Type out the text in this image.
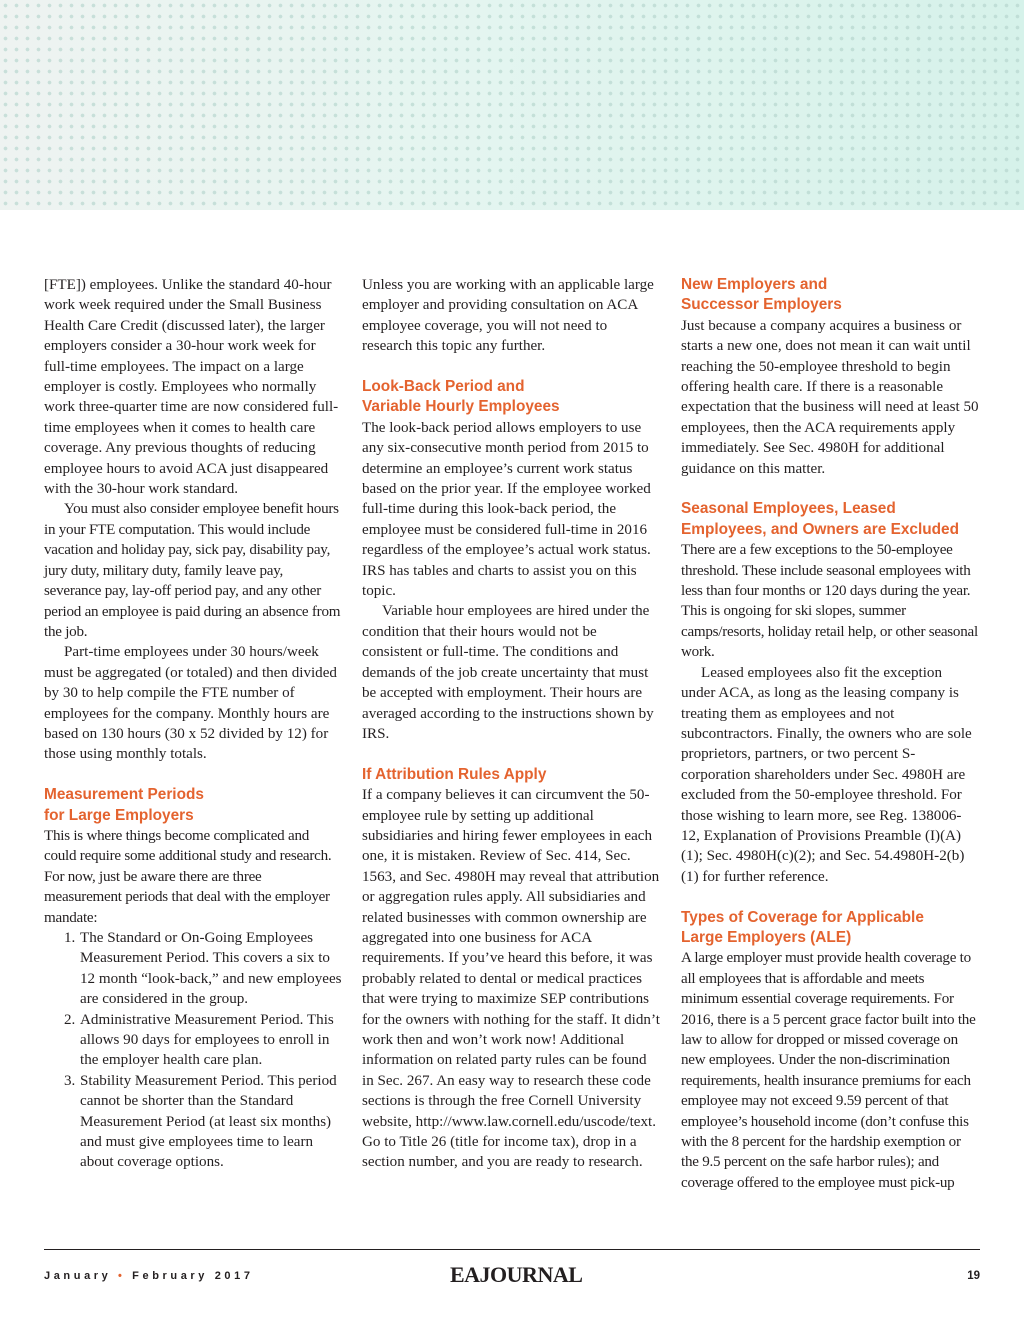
[FTE]) employees. Unlike the standard 40-hour work week required under the Small Business Health Care Credit (discussed later), the larger employers consider a 30-hour work week for full-time employees. The impact on a large employer is costly. Employees who normally work three-quarter time are now considered full-time employees when it comes to health care coverage. Any previous thoughts of reducing employee hours to avoid ACA just disappeared with the 30-hour work standard.

You must also consider employee benefit hours in your FTE computation. This would include vacation and holiday pay, sick pay, disability pay, jury duty, military duty, family leave pay, severance pay, lay-off period pay, and any other period an employee is paid during an absence from the job.

Part-time employees under 30 hours/week must be aggregated (or totaled) and then divided by 30 to help compile the FTE number of employees for the company. Monthly hours are based on 130 hours (30 x 52 divided by 12) for those using monthly totals.

Measurement Periods
for Large Employers

This is where things become complicated and could require some additional study and research. For now, just be aware there are three measurement periods that deal with the employer mandate:

1. The Standard or On-Going Employees Measurement Period. This covers a six to 12 month “look-back,” and new employees are considered in the group.
2. Administrative Measurement Period. This allows 90 days for employees to enroll in the employer health care plan.
3. Stability Measurement Period. This period cannot be shorter than the Standard Measurement Period (at least six months) and must give employees time to learn about coverage options.

Unless you are working with an applicable large employer and providing consultation on ACA employee coverage, you will not need to research this topic any further.

Look-Back Period and
Variable Hourly Employees

The look-back period allows employers to use any six-consecutive month period from 2015 to determine an employee’s current work status based on the prior year. If the employee worked full-time during this look-back period, the employee must be considered full-time in 2016 regardless of the employee’s actual work status. IRS has tables and charts to assist you on this topic.

Variable hour employees are hired under the condition that their hours would not be consistent or full-time. The conditions and demands of the job create uncertainty that must be accepted with employment. Their hours are averaged according to the instructions shown by IRS.

If Attribution Rules Apply

If a company believes it can circumvent the 50-employee rule by setting up additional subsidiaries and hiring fewer employees in each one, it is mistaken. Review of Sec. 414, Sec. 1563, and Sec. 4980H may reveal that attribution or aggregation rules apply. All subsidiaries and related businesses with common ownership are aggregated into one business for ACA requirements. If you’ve heard this before, it was probably related to dental or medical practices that were trying to maximize SEP contributions for the owners with nothing for the staff. It didn’t work then and won’t work now! Additional information on related party rules can be found in Sec. 267. An easy way to research these code sections is through the free Cornell University website, http://www.law.cornell.edu/uscode/text. Go to Title 26 (title for income tax), drop in a section number, and you are ready to research.

New Employers and
Successor Employers

Just because a company acquires a business or starts a new one, does not mean it can wait until reaching the 50-employee threshold to begin offering health care. If there is a reasonable expectation that the business will need at least 50 employees, then the ACA requirements apply immediately. See Sec. 4980H for additional guidance on this matter.

Seasonal Employees, Leased
Employees, and Owners are Excluded

There are a few exceptions to the 50-employee threshold. These include seasonal employees with less than four months or 120 days during the year. This is ongoing for ski slopes, summer camps/resorts, holiday retail help, or other seasonal work.

Leased employees also fit the exception under ACA, as long as the leasing company is treating them as employees and not subcontractors. Finally, the owners who are sole proprietors, partners, or two percent S-corporation shareholders under Sec. 4980H are excluded from the 50-employee threshold. For those wishing to learn more, see Reg. 138006-12, Explanation of Provisions Preamble (I)(A)(1); Sec. 4980H(c)(2); and Sec. 54.4980H-2(b)(1) for further reference.

Types of Coverage for Applicable
Large Employers (ALE)

A large employer must provide health coverage to all employees that is affordable and meets minimum essential coverage requirements. For 2016, there is a 5 percent grace factor built into the law to allow for dropped or missed coverage on new employees. Under the non-discrimination requirements, health insurance premiums for each employee may not exceed 9.59 percent of that employee’s household income (don’t confuse this with the 8 percent for the hardship exemption or the 9.5 percent on the safe harbor rules); and coverage offered to the employee must pick-up

January • February 2017	EAJOURNAL	19
